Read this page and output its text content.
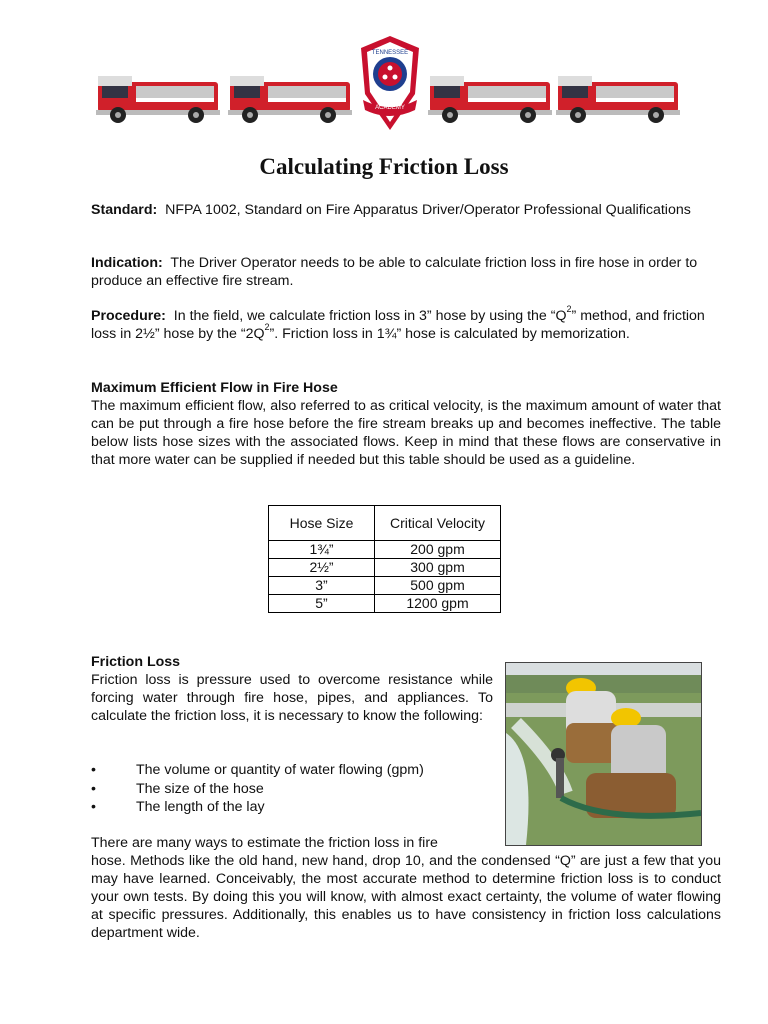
TENNESSEE
ACADEMY
Calculating Friction Loss
Standard: NFPA 1002, Standard on Fire Apparatus Driver/Operator Professional Qualifications
Indication: The Driver Operator needs to be able to calculate friction loss in fire hose in order to produce an effective fire stream.
Procedure: In the field, we calculate friction loss in 3” hose by using the “$Q^2$” method, and friction loss in 2½” hose by the “$2Q^2$”. Friction loss in 1¾” hose is calculated by memorization.
Maximum Efficient Flow in Fire Hose
The maximum efficient flow, also referred to as critical velocity, is the maximum amount of water that can be put through a fire hose before the fire stream breaks up and becomes ineffective. The table below lists hose sizes with the associated flows. Keep in mind that these flows are conservative in that more water can be supplied if needed but this table should be used as a guideline.
Hose Size	Critical Velocity
1¾”	200 gpm
2½”	300 gpm
3”	500 gpm
5”	1200 gpm
Friction Loss
Friction loss is pressure used to overcome resistance while forcing water through fire hose, pipes, and appliances. To calculate the friction loss, it is necessary to know the following:
•	The volume or quantity of water flowing (gpm)
•	The size of the hose
•	The length of the lay
There are many ways to estimate the friction loss in fire
hose. Methods like the old hand, new hand, drop 10, and the condensed “Q” are just a few that you may have learned. Conceivably, the most accurate method to determine friction loss is to conduct your own tests. By doing this you will know, with almost exact certainty, the volume of water flowing at specific pressures. Additionally, this enables us to have consistency in friction loss calculations department wide.
